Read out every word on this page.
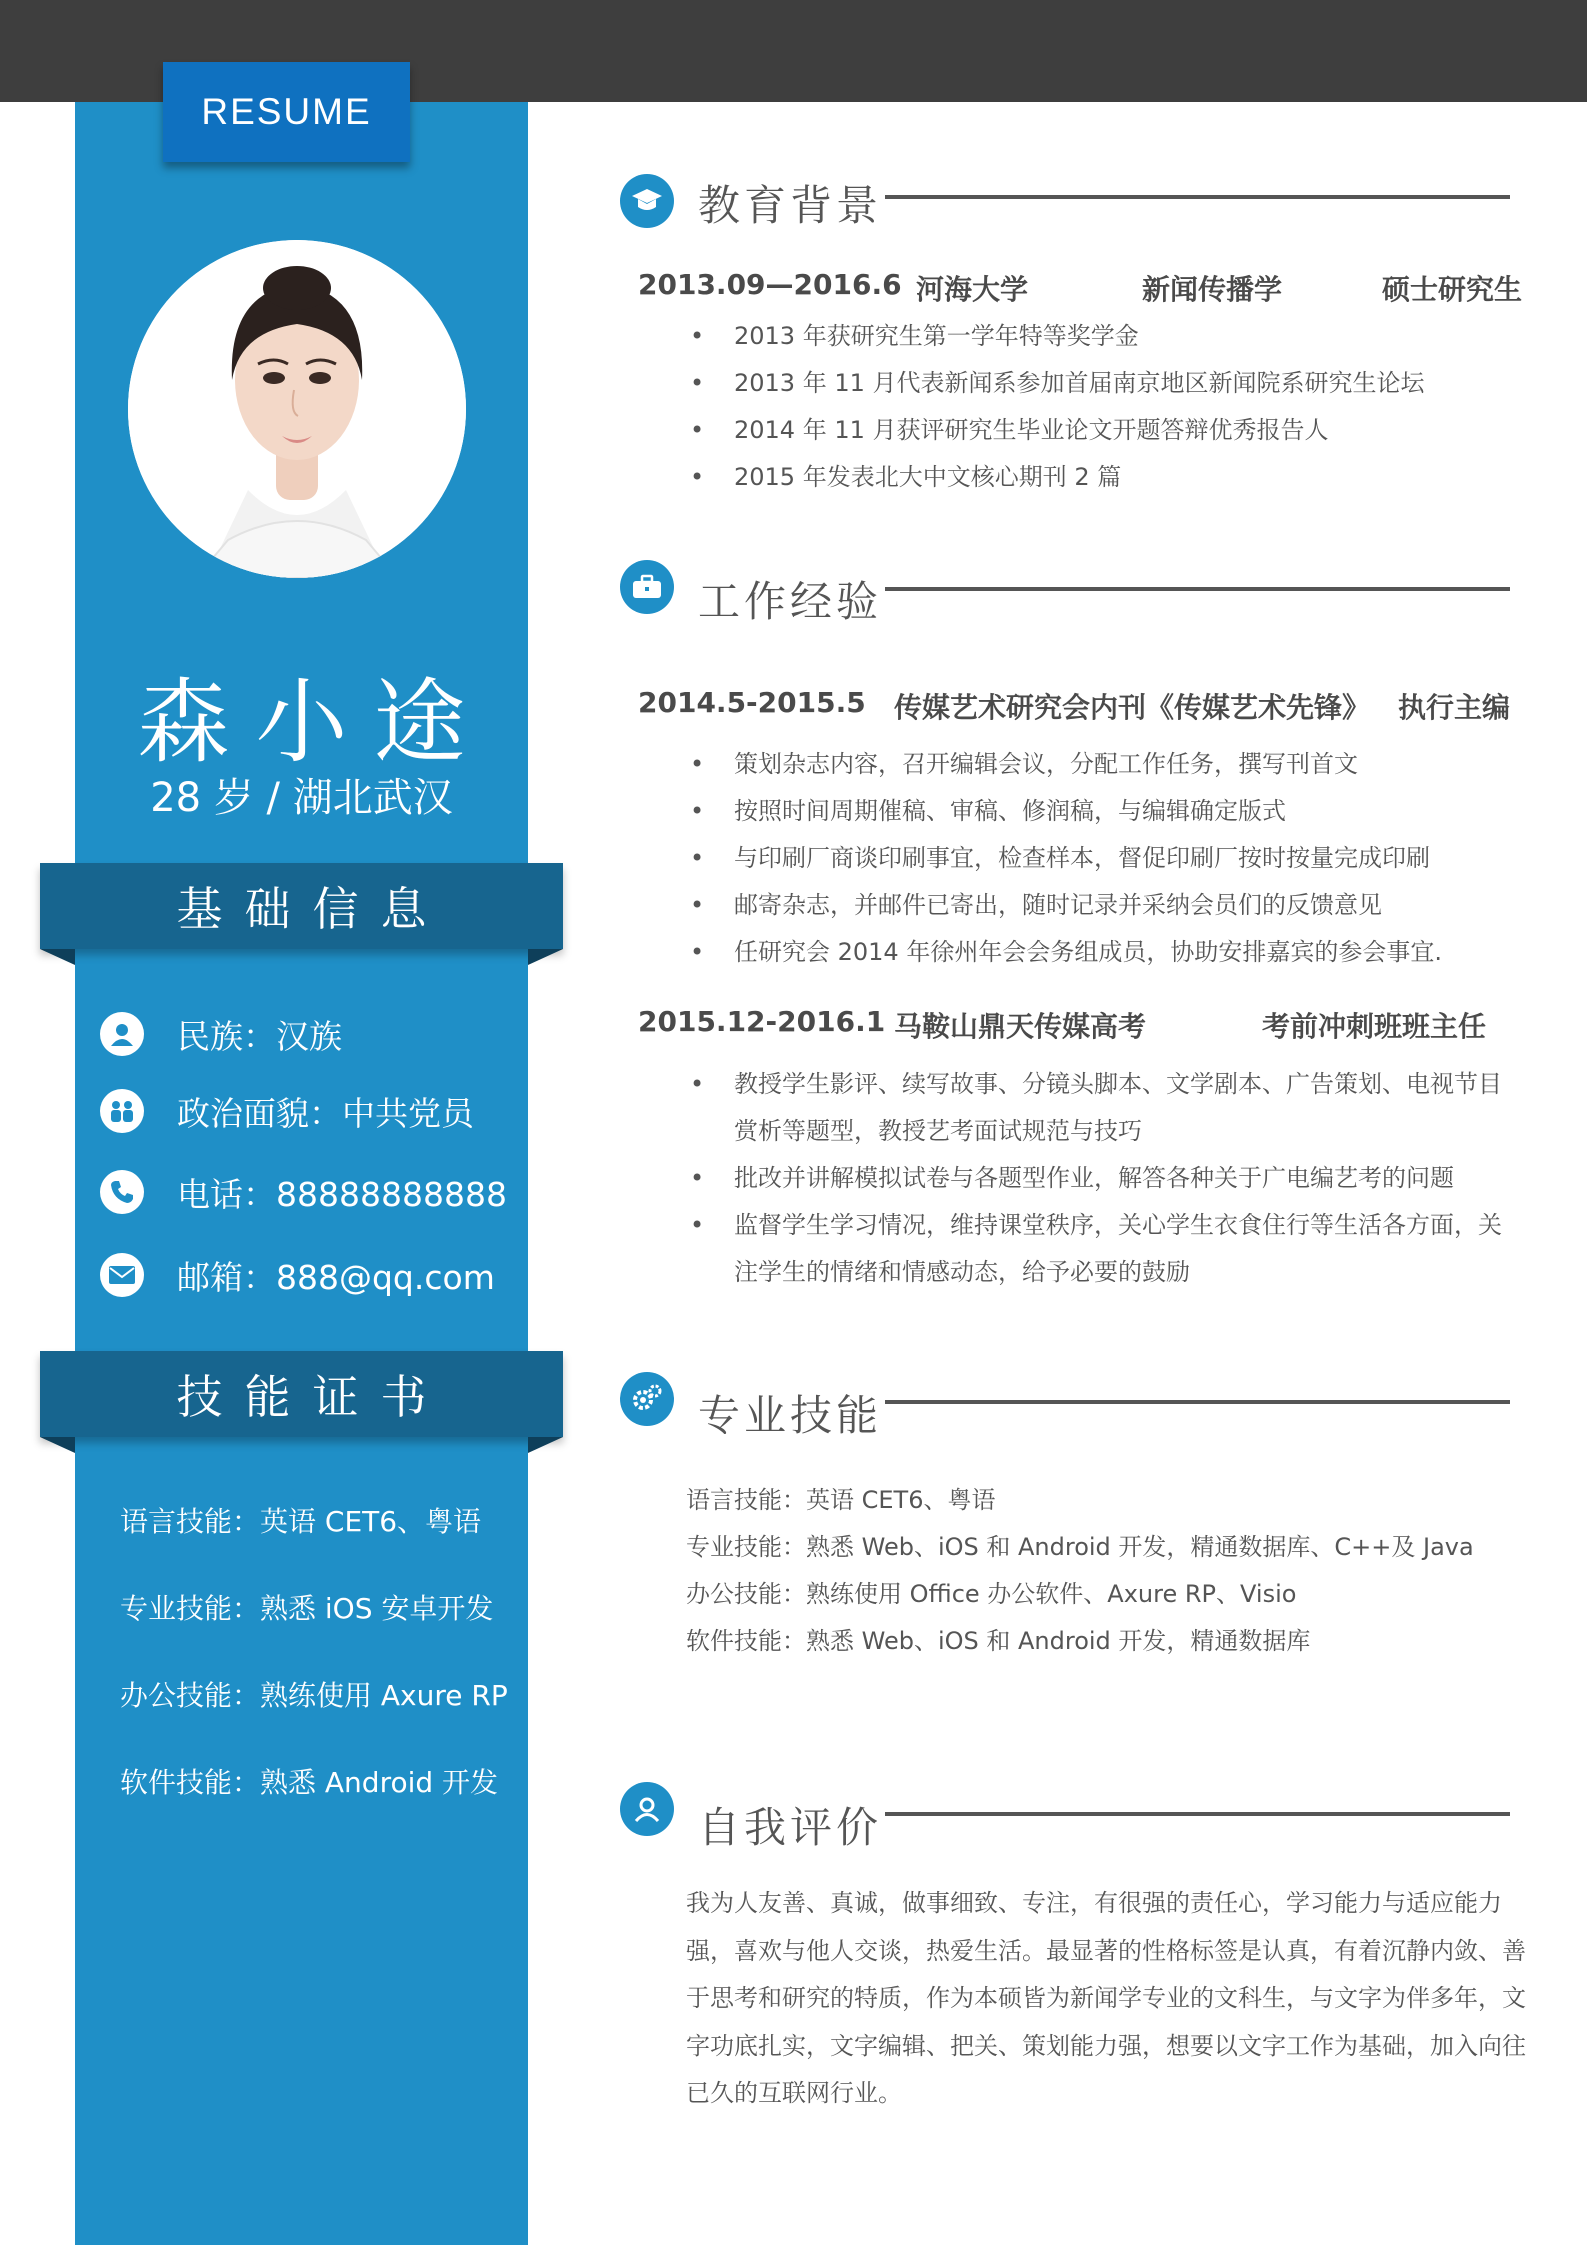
RESUME
森小途
28 岁 / 湖北武汉
基础信息
民族：汉族
政治面貌：中共党员
电话：88888888888
邮箱：888@qq.com
技能证书
语言技能：英语 CET6、粤语
专业技能：熟悉 iOS 安卓开发
办公技能：熟练使用 Axure RP
软件技能：熟悉 Android 开发
教育背景
2013.09—2016.6 河海大学	新闻传播学	硕士研究生
• 2013 年获研究生第一学年特等奖学金
• 2013 年 11 月代表新闻系参加首届南京地区新闻院系研究生论坛
• 2014 年 11 月获评研究生毕业论文开题答辩优秀报告人
• 2015 年发表北大中文核心期刊 2 篇
工作经验
2014.5-2015.5 传媒艺术研究会内刊《传媒艺术先锋》 执行主编
• 策划杂志内容，召开编辑会议，分配工作任务，撰写刊首文
• 按照时间周期催稿、审稿、修润稿，与编辑确定版式
• 与印刷厂商谈印刷事宜，检查样本，督促印刷厂按时按量完成印刷
• 邮寄杂志，并邮件已寄出，随时记录并采纳会员们的反馈意见
• 任研究会 2014 年徐州年会会务组成员，协助安排嘉宾的参会事宜.
2015.12-2016.1 马鞍山鼎天传媒高考	考前冲刺班班主任
• 教授学生影评、续写故事、分镜头脚本、文学剧本、广告策划、电视节目赏析等题型，教授艺考面试规范与技巧
• 批改并讲解模拟试卷与各题型作业，解答各种关于广电编艺考的问题
• 监督学生学习情况，维持课堂秩序，关心学生衣食住行等生活各方面，关注学生的情绪和情感动态，给予必要的鼓励
专业技能
语言技能：英语 CET6、粤语
专业技能：熟悉 Web、iOS 和 Android 开发，精通数据库、C++及 Java
办公技能：熟练使用 Office 办公软件、Axure RP、Visio
软件技能：熟悉 Web、iOS 和 Android 开发，精通数据库
自我评价
我为人友善、真诚，做事细致、专注，有很强的责任心，学习能力与适应能力强，喜欢与他人交谈，热爱生活。最显著的性格标签是认真，有着沉静内敛、善于思考和研究的特质，作为本硕皆为新闻学专业的文科生，与文字为伴多年，文字功底扎实，文字编辑、把关、策划能力强，想要以文字工作为基础，加入向往已久的互联网行业。
